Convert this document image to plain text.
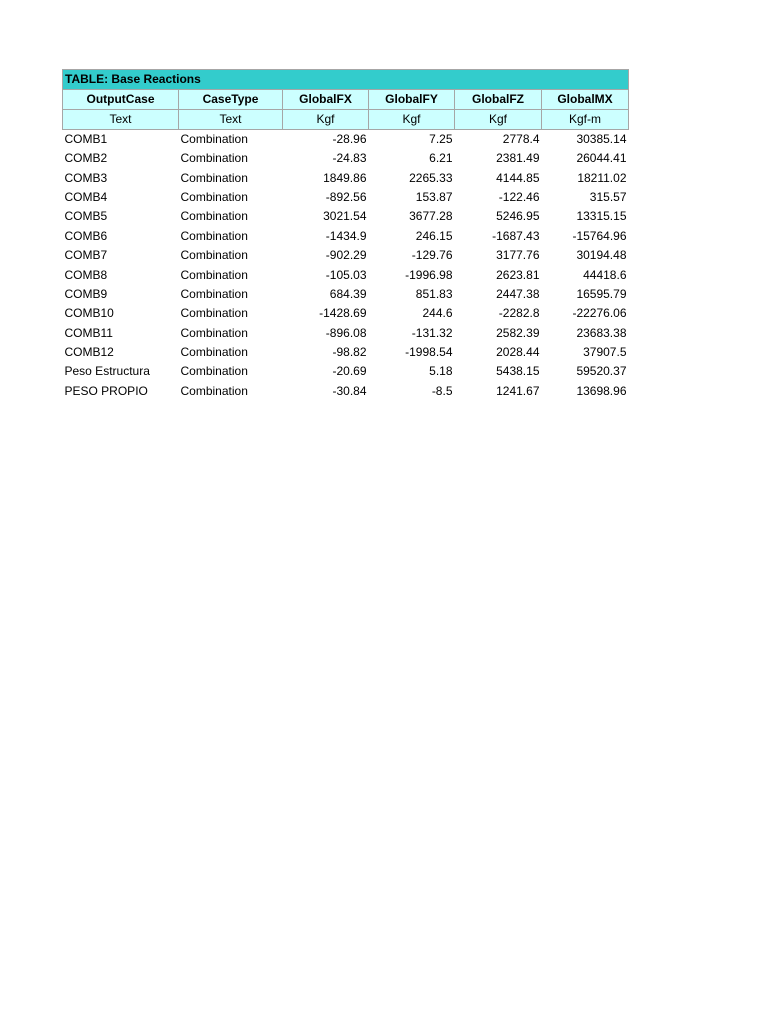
TABLE: Base Reactions					
OutputCase	CaseType	GlobalFX	GlobalFY	GlobalFZ	GlobalMX
Text	Text	Kgf	Kgf	Kgf	Kgf-m
COMB1	Combination	-28.96	7.25	2778.4	30385.14
COMB2	Combination	-24.83	6.21	2381.49	26044.41
COMB3	Combination	1849.86	2265.33	4144.85	18211.02
COMB4	Combination	-892.56	153.87	-122.46	315.57
COMB5	Combination	3021.54	3677.28	5246.95	13315.15
COMB6	Combination	-1434.9	246.15	-1687.43	-15764.96
COMB7	Combination	-902.29	-129.76	3177.76	30194.48
COMB8	Combination	-105.03	-1996.98	2623.81	44418.6
COMB9	Combination	684.39	851.83	2447.38	16595.79
COMB10	Combination	-1428.69	244.6	-2282.8	-22276.06
COMB11	Combination	-896.08	-131.32	2582.39	23683.38
COMB12	Combination	-98.82	-1998.54	2028.44	37907.5
Peso Estructura	Combination	-20.69	5.18	5438.15	59520.37
PESO PROPIO	Combination	-30.84	-8.5	1241.67	13698.96
